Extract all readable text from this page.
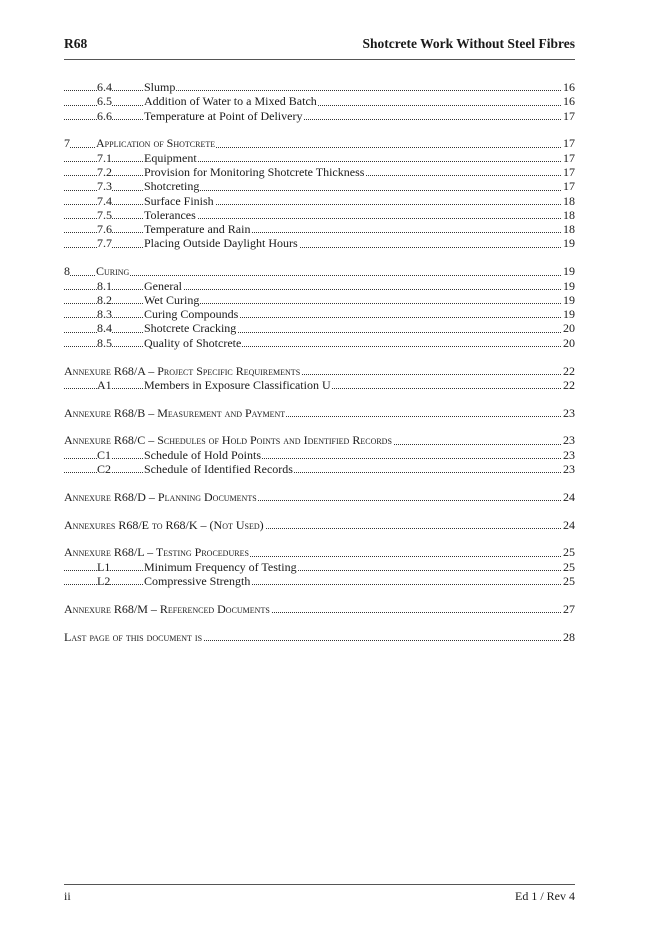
R68	Shotcrete Work Without Steel Fibres
6.4	Slump	16
6.5	Addition of Water to a Mixed Batch	16
6.6	Temperature at Point of Delivery	17
7 Application of Shotcrete	17
7.1	Equipment	17
7.2	Provision for Monitoring Shotcrete Thickness	17
7.3	Shotcreting	17
7.4	Surface Finish	18
7.5	Tolerances	18
7.6	Temperature and Rain	18
7.7	Placing Outside Daylight Hours	19
8 Curing	19
8.1	General	19
8.2	Wet Curing	19
8.3	Curing Compounds	19
8.4	Shotcrete Cracking	20
8.5	Quality of Shotcrete	20
Annexure R68/A – Project Specific Requirements	22
A1	Members in Exposure Classification U	22
Annexure R68/B – Measurement and Payment	23
Annexure R68/C – Schedules of Hold Points and Identified Records	23
C1	Schedule of Hold Points	23
C2	Schedule of Identified Records	23
Annexure R68/D – Planning Documents	24
Annexures R68/E to R68/K – (Not Used)	24
Annexure R68/L – Testing Procedures	25
L1	Minimum Frequency of Testing	25
L2	Compressive Strength	25
Annexure R68/M – Referenced Documents	27
Last page of this document is	28
ii	Ed 1 / Rev 4
